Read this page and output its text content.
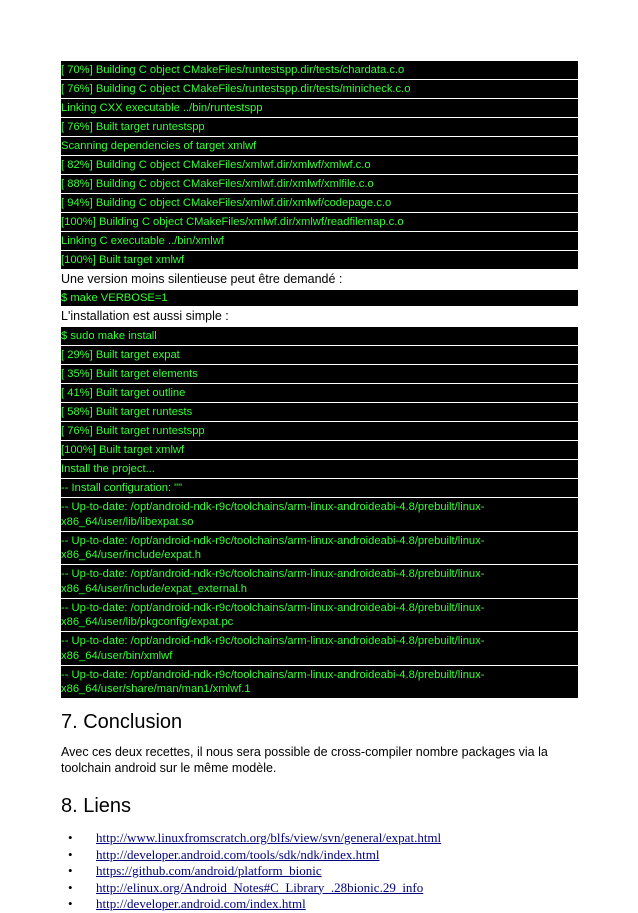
[ 70%] Building C object CMakeFiles/runtestspp.dir/tests/chardata.c.o
[ 76%] Building C object CMakeFiles/runtestspp.dir/tests/minicheck.c.o
Linking CXX executable ../bin/runtestspp
[ 76%] Built target runtestspp
Scanning dependencies of target xmlwf
[ 82%] Building C object CMakeFiles/xmlwf.dir/xmlwf/xmlwf.c.o
[ 88%] Building C object CMakeFiles/xmlwf.dir/xmlwf/xmlfile.c.o
[ 94%] Building C object CMakeFiles/xmlwf.dir/xmlwf/codepage.c.o
[100%] Building C object CMakeFiles/xmlwf.dir/xmlwf/readfilemap.c.o
Linking C executable ../bin/xmlwf
[100%] Built target xmlwf
Une version moins silentieuse peut être demandé :
$ make VERBOSE=1
L'installation est aussi simple :
$ sudo make install
[ 29%] Built target expat
[ 35%] Built target elements
[ 41%] Built target outline
[ 58%] Built target runtests
[ 76%] Built target runtestspp
[100%] Built target xmlwf
Install the project...
-- Install configuration: ""
-- Up-to-date: /opt/android-ndk-r9c/toolchains/arm-linux-androideabi-4.8/prebuilt/linux-
x86_64/user/lib/libexpat.so
-- Up-to-date: /opt/android-ndk-r9c/toolchains/arm-linux-androideabi-4.8/prebuilt/linux-
x86_64/user/include/expat.h
-- Up-to-date: /opt/android-ndk-r9c/toolchains/arm-linux-androideabi-4.8/prebuilt/linux-
x86_64/user/include/expat_external.h
-- Up-to-date: /opt/android-ndk-r9c/toolchains/arm-linux-androideabi-4.8/prebuilt/linux-
x86_64/user/lib/pkgconfig/expat.pc
-- Up-to-date: /opt/android-ndk-r9c/toolchains/arm-linux-androideabi-4.8/prebuilt/linux-x86_64/user/bin/xmlwf
-- Up-to-date: /opt/android-ndk-r9c/toolchains/arm-linux-androideabi-4.8/prebuilt/linux-
x86_64/user/share/man/man1/xmlwf.1
7. Conclusion
Avec ces deux recettes, il nous sera possible de cross-compiler nombre packages via la toolchain android sur le même modèle.
8. Liens
• http://www.linuxfromscratch.org/blfs/view/svn/general/expat.html
• http://developer.android.com/tools/sdk/ndk/index.html
• https://github.com/android/platform_bionic
• http://elinux.org/Android_Notes#C_Library_.28bionic.29_info
• http://developer.android.com/index.html
